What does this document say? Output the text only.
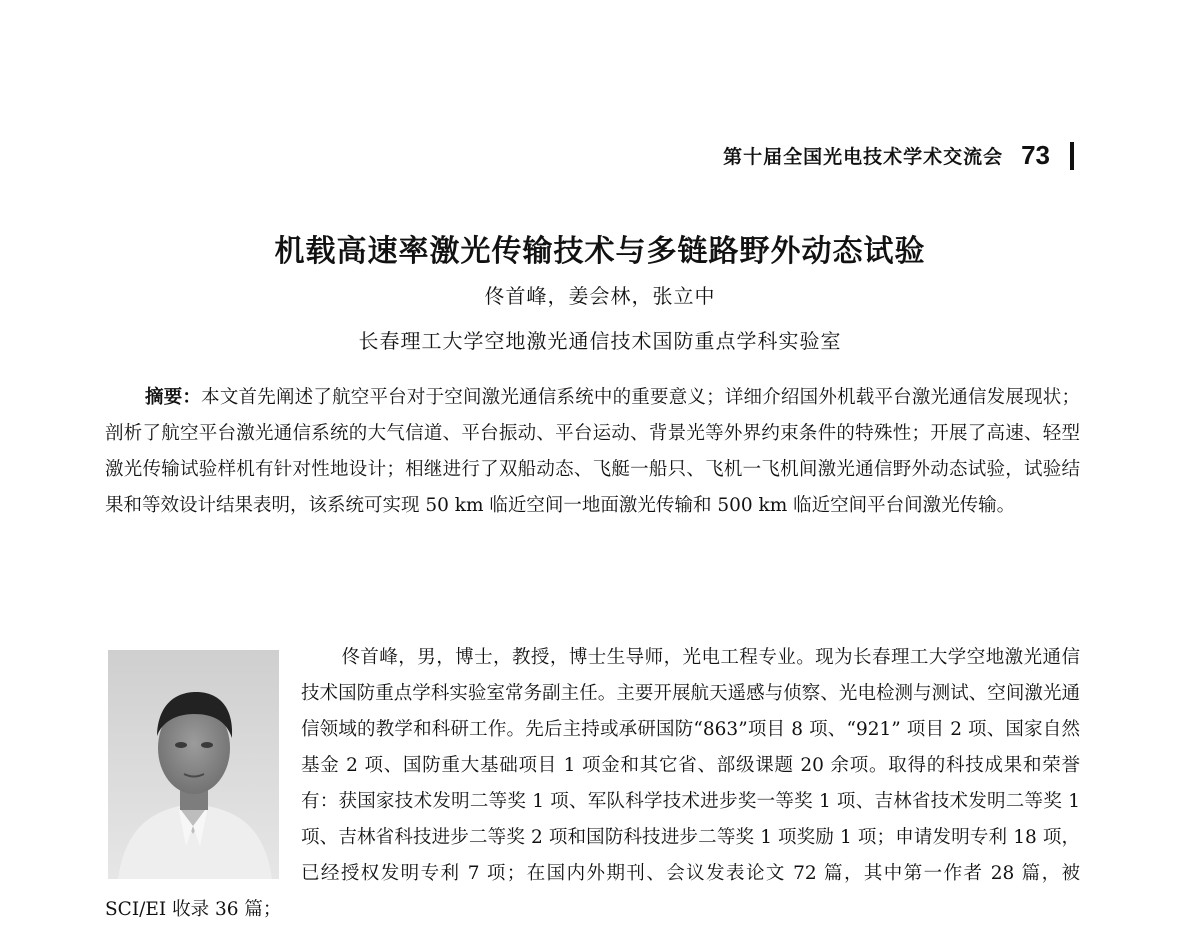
第十届全国光电技术学术交流会 73
机载高速率激光传输技术与多链路野外动态试验
佟首峰，姜会林，张立中
长春理工大学空地激光通信技术国防重点学科实验室
摘要：本文首先阐述了航空平台对于空间激光通信系统中的重要意义；详细介绍国外机载平台激光通信发展现状；剖析了航空平台激光通信系统的大气信道、平台振动、平台运动、背景光等外界约束条件的特殊性；开展了高速、轻型激光传输试验样机有针对性地设计；相继进行了双船动态、飞艇一船只、飞机一飞机间激光通信野外动态试验，试验结果和等效设计结果表明，该系统可实现 50 km 临近空间一地面激光传输和 500 km 临近空间平台间激光传输。
佟首峰，男，博士，教授，博士生导师，光电工程专业。现为长春理工大学空地激光通信技术国防重点学科实验室常务副主任。主要开展航天遥感与侦察、光电检测与测试、空间激光通信领域的教学和科研工作。先后主持或承研国防“863”项目 8 项、“921” 项目 2 项、国家自然基金 2 项、国防重大基础项目 1 项金和其它省、部级课题 20 余项。取得的科技成果和荣誉有：获国家技术发明二等奖 1 项、军队科学技术进步奖一等奖 1 项、吉林省技术发明二等奖 1 项、吉林省科技进步二等奖 2 项和国防科技进步二等奖 1 项奖励 1 项；申请发明专利 18 项，已经授权发明专利 7 项；在国内外期刊、会议发表论文 72 篇，其中第一作者 28 篇，被 SCI/EI 收录 36 篇；
